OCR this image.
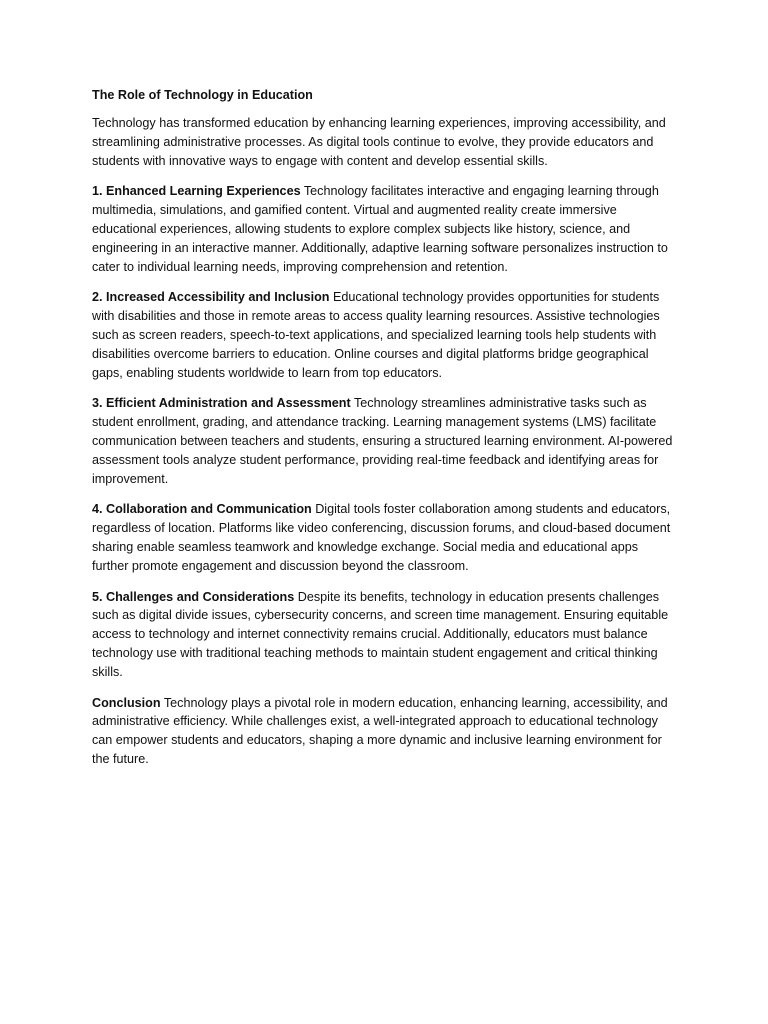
The Role of Technology in Education

Technology has transformed education by enhancing learning experiences, improving accessibility, and streamlining administrative processes. As digital tools continue to evolve, they provide educators and students with innovative ways to engage with content and develop essential skills.

1. Enhanced Learning Experiences Technology facilitates interactive and engaging learning through multimedia, simulations, and gamified content. Virtual and augmented reality create immersive educational experiences, allowing students to explore complex subjects like history, science, and engineering in an interactive manner. Additionally, adaptive learning software personalizes instruction to cater to individual learning needs, improving comprehension and retention.

2. Increased Accessibility and Inclusion Educational technology provides opportunities for students with disabilities and those in remote areas to access quality learning resources. Assistive technologies such as screen readers, speech-to-text applications, and specialized learning tools help students with disabilities overcome barriers to education. Online courses and digital platforms bridge geographical gaps, enabling students worldwide to learn from top educators.

3. Efficient Administration and Assessment Technology streamlines administrative tasks such as student enrollment, grading, and attendance tracking. Learning management systems (LMS) facilitate communication between teachers and students, ensuring a structured learning environment. AI-powered assessment tools analyze student performance, providing real-time feedback and identifying areas for improvement.

4. Collaboration and Communication Digital tools foster collaboration among students and educators, regardless of location. Platforms like video conferencing, discussion forums, and cloud-based document sharing enable seamless teamwork and knowledge exchange. Social media and educational apps further promote engagement and discussion beyond the classroom.

5. Challenges and Considerations Despite its benefits, technology in education presents challenges such as digital divide issues, cybersecurity concerns, and screen time management. Ensuring equitable access to technology and internet connectivity remains crucial. Additionally, educators must balance technology use with traditional teaching methods to maintain student engagement and critical thinking skills.

Conclusion Technology plays a pivotal role in modern education, enhancing learning, accessibility, and administrative efficiency. While challenges exist, a well-integrated approach to educational technology can empower students and educators, shaping a more dynamic and inclusive learning environment for the future.
